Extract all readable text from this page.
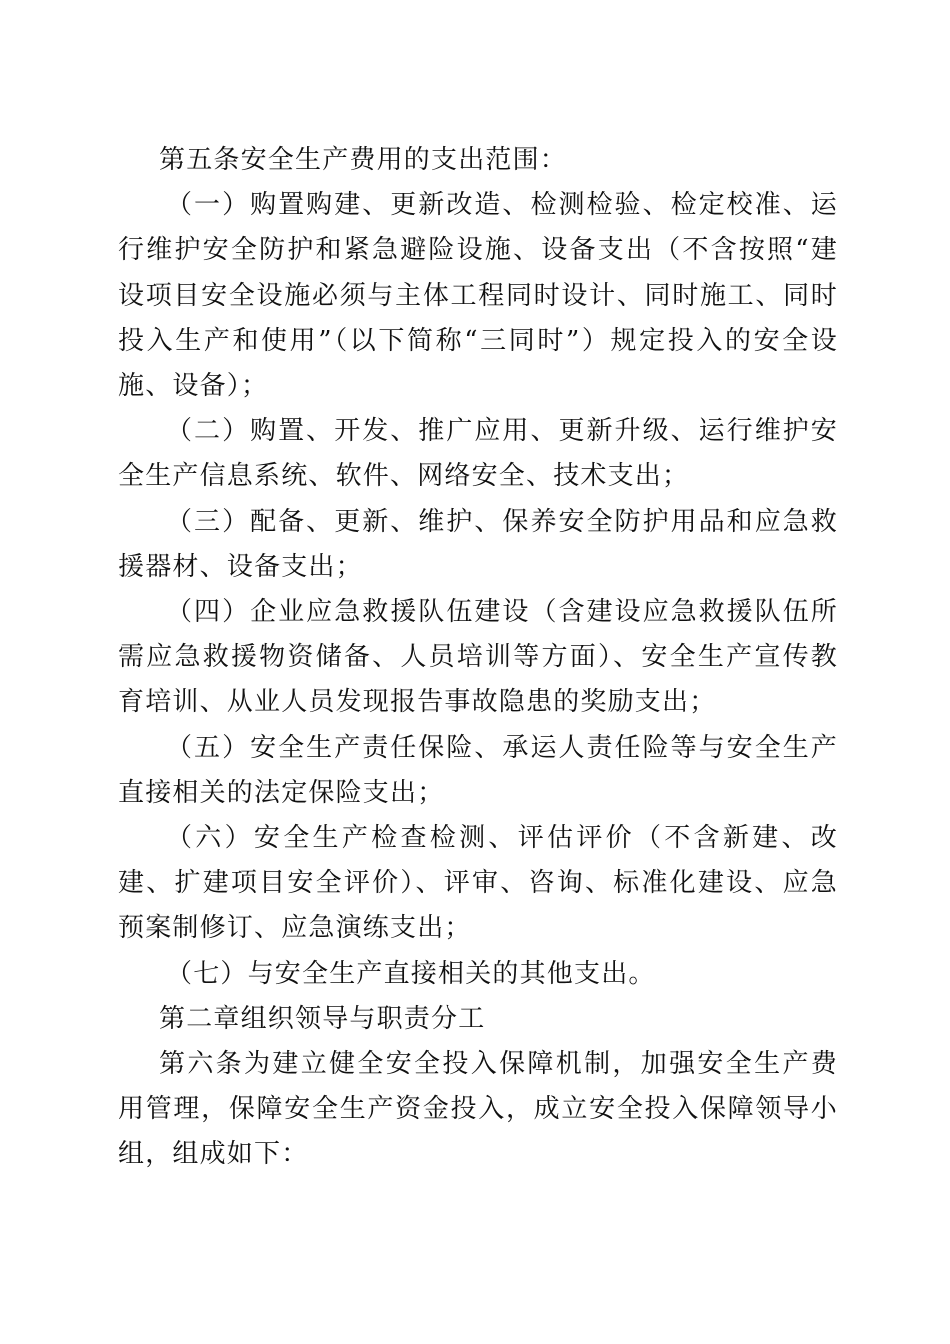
第五条安全生产费用的支出范围：

（一）购置购建、更新改造、检测检验、检定校准、运行维护安全防护和紧急避险设施、设备支出（不含按照“建设项目安全设施必须与主体工程同时设计、同时施工、同时投入生产和使用”（以下简称“三同时”）规定投入的安全设施、设备）；

（二）购置、开发、推广应用、更新升级、运行维护安全生产信息系统、软件、网络安全、技术支出；

（三）配备、更新、维护、保养安全防护用品和应急救援器材、设备支出；

（四）企业应急救援队伍建设（含建设应急救援队伍所需应急救援物资储备、人员培训等方面）、安全生产宣传教育培训、从业人员发现报告事故隐患的奖励支出；

（五）安全生产责任保险、承运人责任险等与安全生产直接相关的法定保险支出；

（六）安全生产检查检测、评估评价（不含新建、改建、扩建项目安全评价）、评审、咨询、标准化建设、应急预案制修订、应急演练支出；

（七）与安全生产直接相关的其他支出。

第二章组织领导与职责分工

第六条为建立健全安全投入保障机制，加强安全生产费用管理，保障安全生产资金投入，成立安全投入保障领导小组，组成如下：
